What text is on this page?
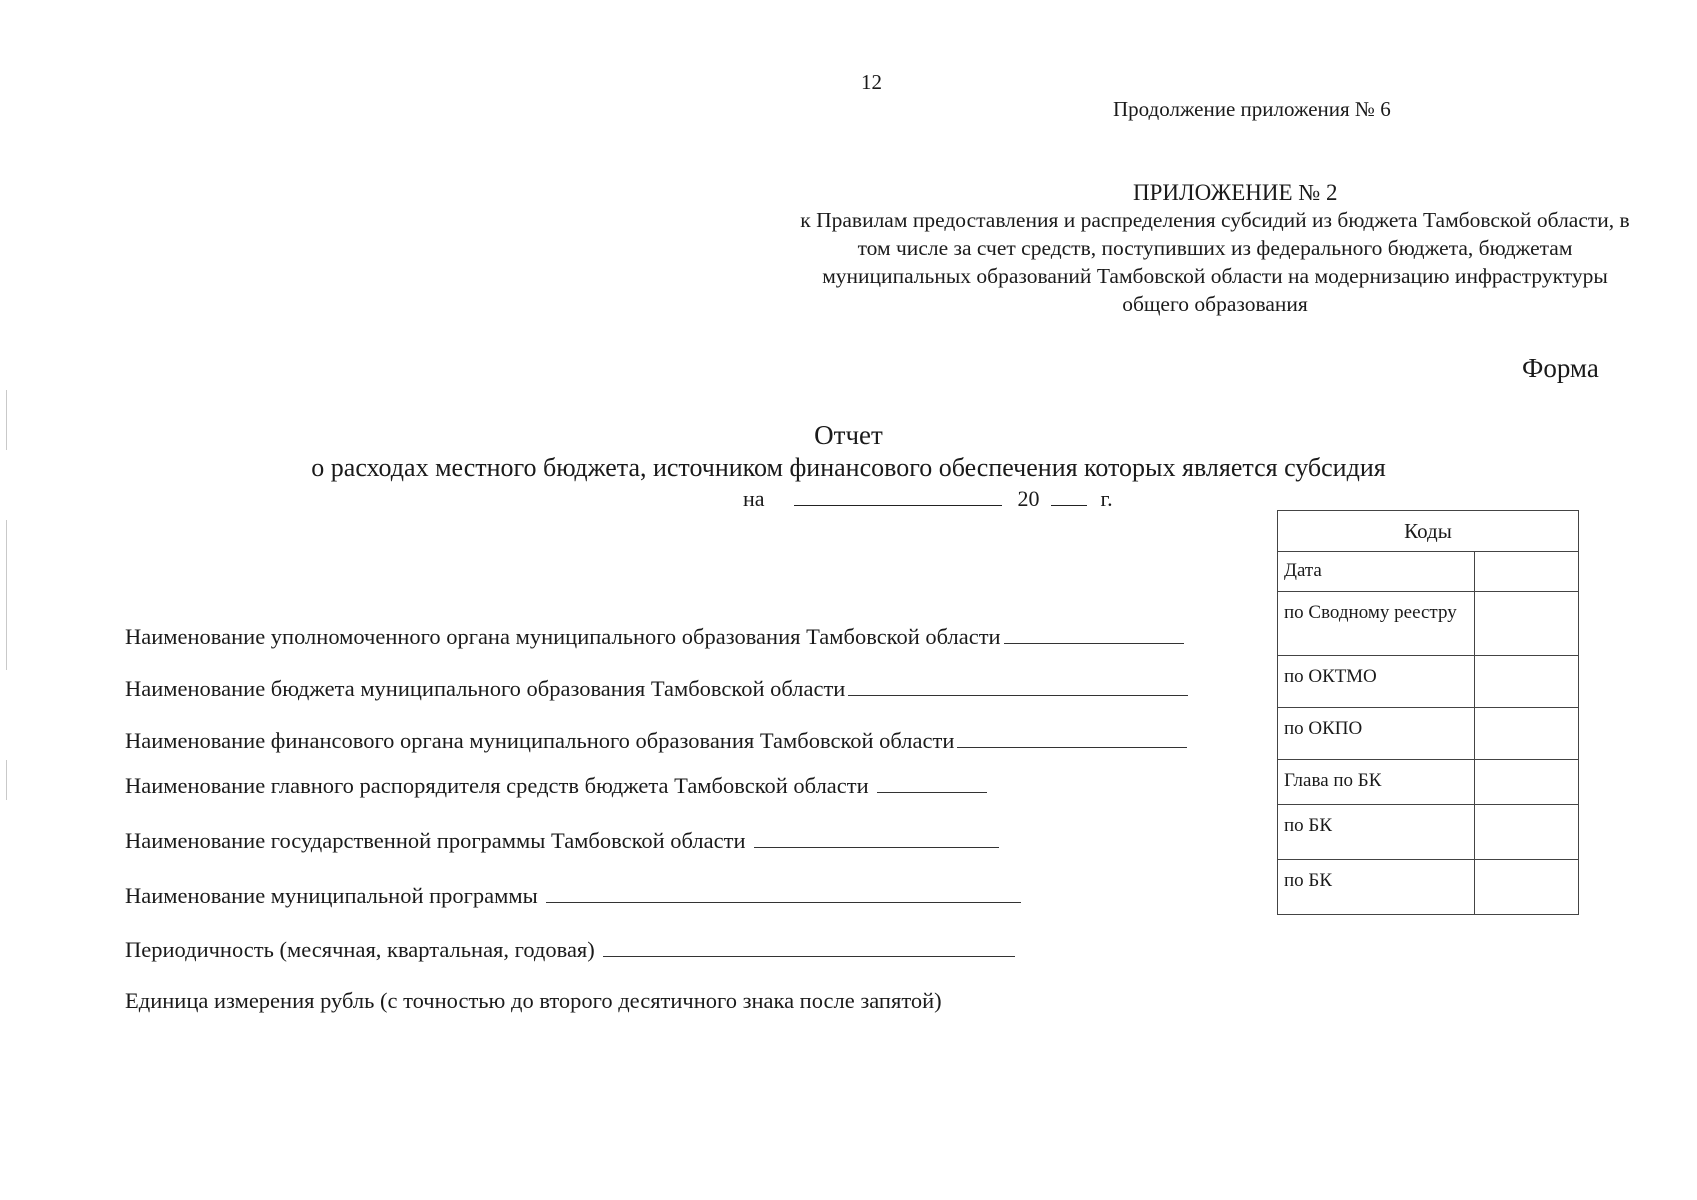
12
Продолжение приложения № 6
ПРИЛОЖЕНИЕ № 2
к Правилам предоставления и распределения субсидий из бюджета Тамбовской области, в том числе за счет средств, поступивших из федерального бюджета, бюджетам муниципальных образований Тамбовской области на модернизацию инфраструктуры общего образования
Форма
Отчет
о расходах местного бюджета, источником финансового обеспечения которых является субсидия
на	20	г.
Наименование уполномоченного органа муниципального образования Тамбовской области
Наименование бюджета муниципального образования Тамбовской области
Наименование финансового органа муниципального образования Тамбовской области
Наименование главного распорядителя средств бюджета Тамбовской области
Наименование государственной программы Тамбовской области
Наименование муниципальной программы
Периодичность (месячная, квартальная, годовая)
Единица измерения рубль (с точностью до второго десятичного знака после запятой)
Коды	
Дата	
по Сводному реестру	
по ОКТМО	
по ОКПО	
Глава по БК	
по БК	
по БК	
